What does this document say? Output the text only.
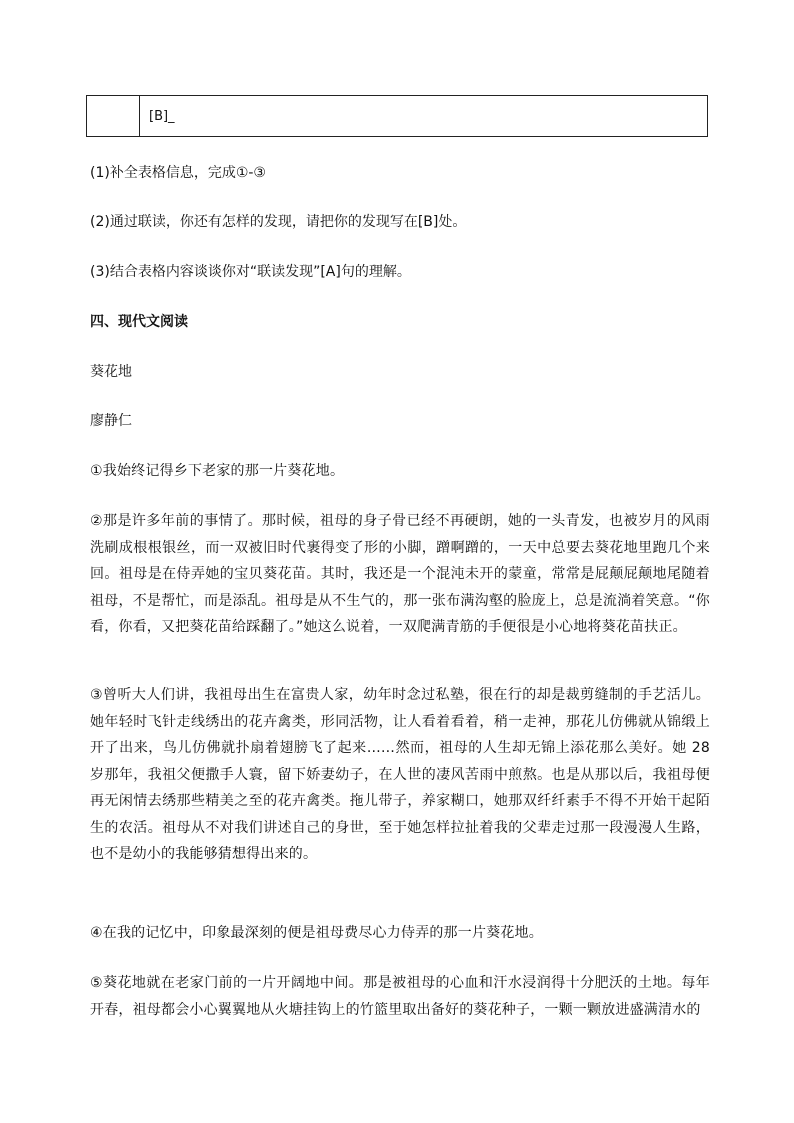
	[B]_
(1)补全表格信息，完成①-③
(2)通过联读，你还有怎样的发现，请把你的发现写在[B]处。
(3)结合表格内容谈谈你对“联读发现”[A]句的理解。
四、现代文阅读
葵花地
廖静仁
①我始终记得乡下老家的那一片葵花地。
②那是许多年前的事情了。那时候，祖母的身子骨已经不再硬朗，她的一头青发，也被岁月的风雨洗刷成根根银丝，而一双被旧时代裹得变了形的小脚，蹭啊蹭的，一天中总要去葵花地里跑几个来回。祖母是在侍弄她的宝贝葵花苗。其时，我还是一个混沌未开的蒙童，常常是屁颠屁颠地尾随着祖母，不是帮忙，而是添乱。祖母是从不生气的，那一张布满沟壑的脸庞上，总是流淌着笑意。“你看，你看，又把葵花苗给踩翻了。”她这么说着，一双爬满青筋的手便很是小心地将葵花苗扶正。
③曾听大人们讲，我祖母出生在富贵人家，幼年时念过私塾，很在行的却是裁剪缝制的手艺活儿。她年轻时飞针走线绣出的花卉禽类，形同活物，让人看着看着，稍一走神，那花儿仿佛就从锦缎上开了出来，鸟儿仿佛就扑扇着翅膀飞了起来……然而，祖母的人生却无锦上添花那么美好。她 28 岁那年，我祖父便撒手人寰，留下娇妻幼子，在人世的凄风苦雨中煎熬。也是从那以后，我祖母便再无闲情去绣那些精美之至的花卉禽类。拖儿带子，养家糊口，她那双纤纤素手不得不开始干起陌生的农活。祖母从不对我们讲述自己的身世，至于她怎样拉扯着我的父辈走过那一段漫漫人生路，也不是幼小的我能够猜想得出来的。
④在我的记忆中，印象最深刻的便是祖母费尽心力侍弄的那一片葵花地。
⑤葵花地就在老家门前的一片开阔地中间。那是被祖母的心血和汗水浸润得十分肥沃的土地。每年开春，祖母都会小心翼翼地从火塘挂钩上的竹篮里取出备好的葵花种子，一颗一颗放进盛满清水的
